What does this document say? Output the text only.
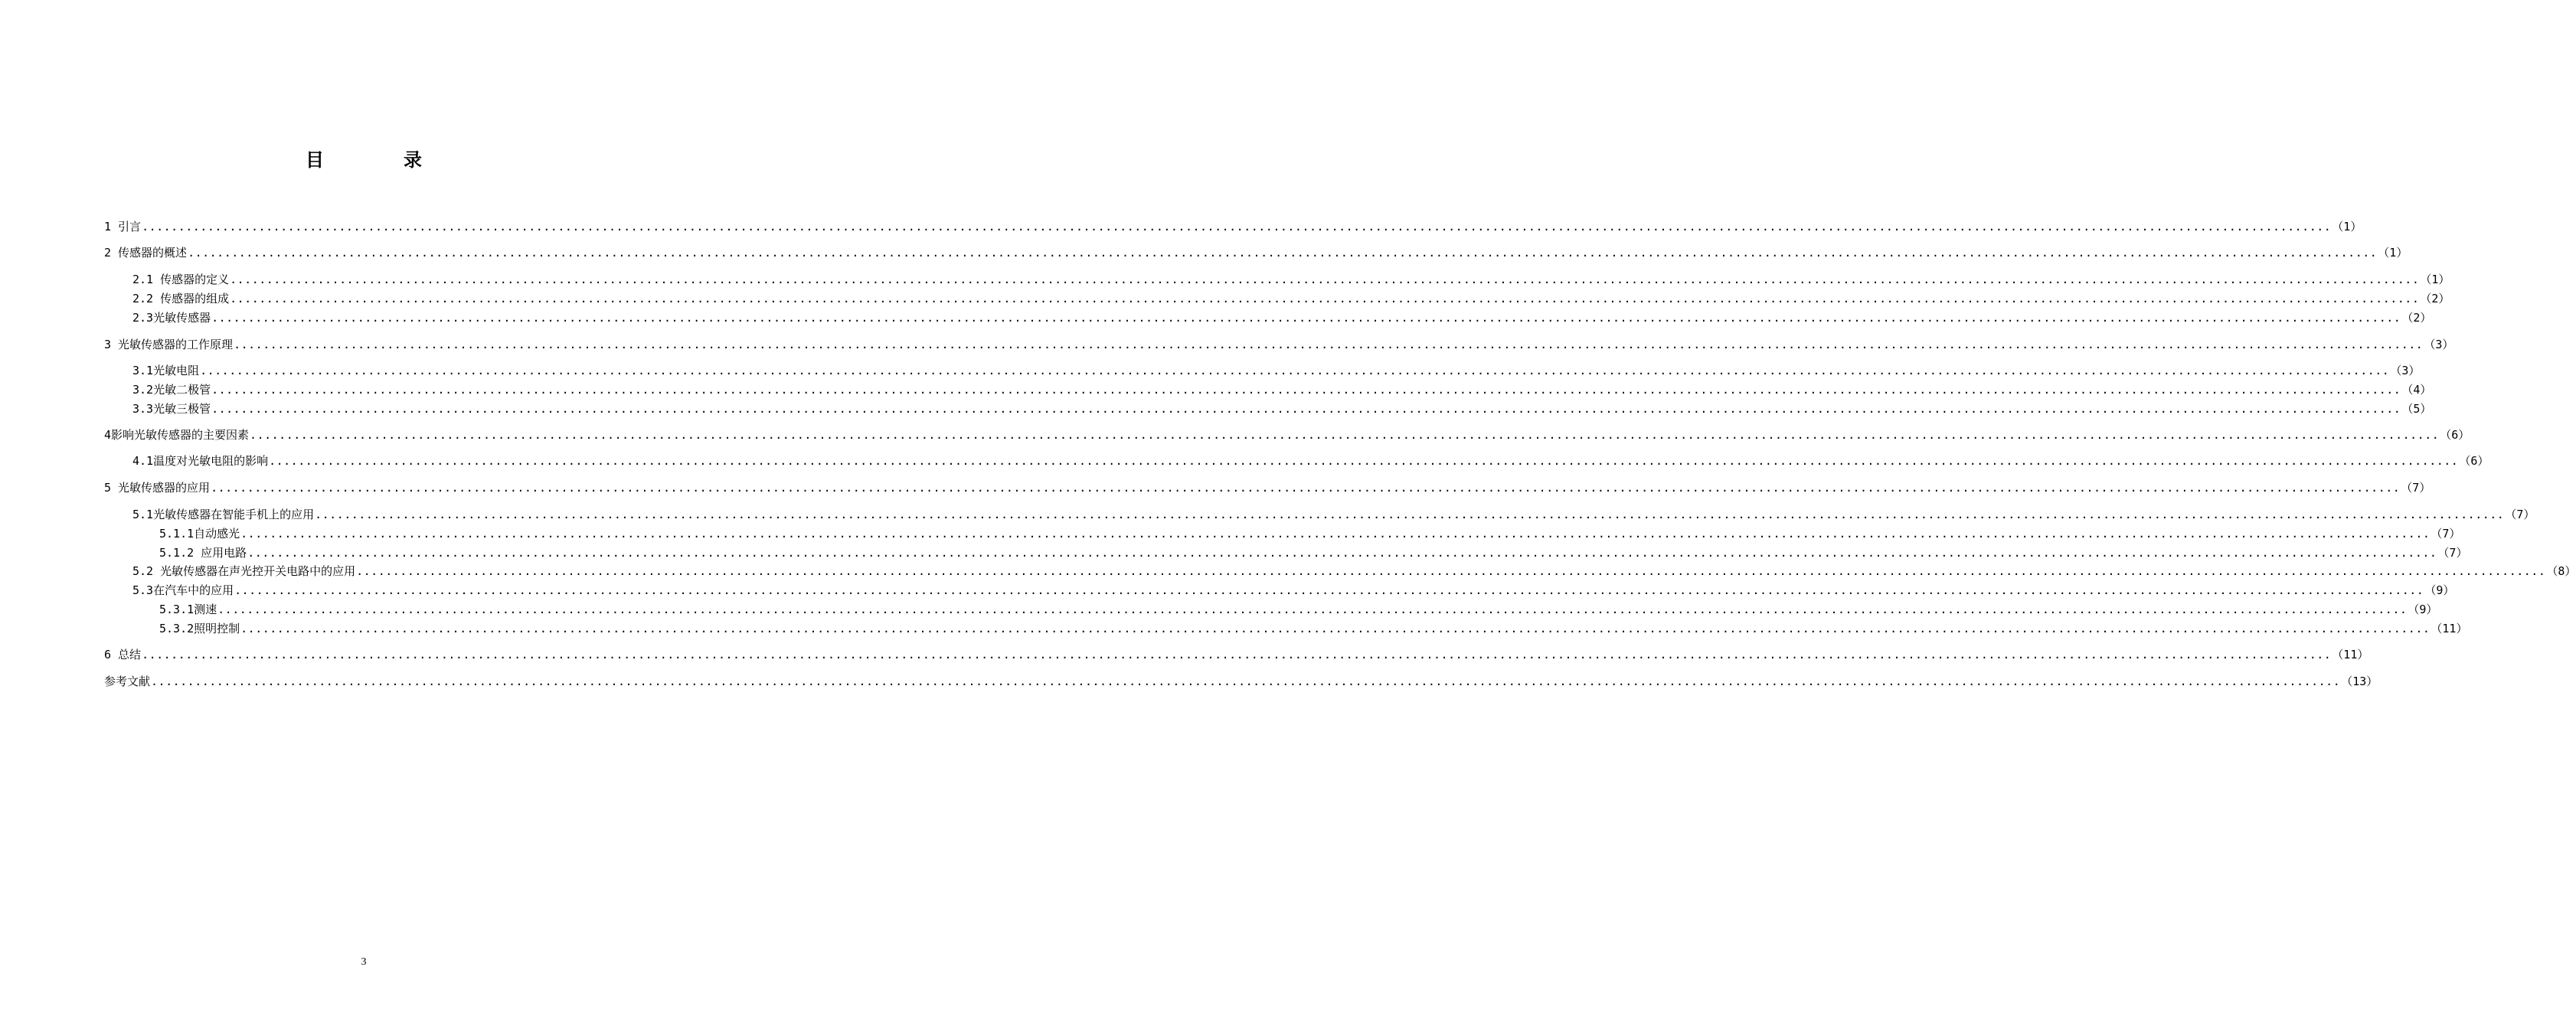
目　录
1 引言 ............................................................................................................................................................................................................................................................................................................ （1）
2 传感器的概述 ............................................................................................................................................................................................................................................................................................................ （1）
2.1 传感器的定义 ............................................................................................................................................................................................................................................................................................................ （1）
2.2 传感器的组成 ............................................................................................................................................................................................................................................................................................................ （2）
2.3光敏传感器 ............................................................................................................................................................................................................................................................................................................ （2）
3 光敏传感器的工作原理 ............................................................................................................................................................................................................................................................................................................ （3）
3.1光敏电阻 ............................................................................................................................................................................................................................................................................................................ （3）
3.2光敏二极管 ............................................................................................................................................................................................................................................................................................................ （4）
3.3光敏三极管 ............................................................................................................................................................................................................................................................................................................ （5）
4影响光敏传感器的主要因素 ............................................................................................................................................................................................................................................................................................................ （6）
4.1温度对光敏电阻的影响 ............................................................................................................................................................................................................................................................................................................ （6）
5 光敏传感器的应用 ............................................................................................................................................................................................................................................................................................................ （7）
5.1光敏传感器在智能手机上的应用 ............................................................................................................................................................................................................................................................................................................ （7）
5.1.1自动感光 ............................................................................................................................................................................................................................................................................................................ （7）
5.1.2 应用电路 ............................................................................................................................................................................................................................................................................................................ （7）
5.2 光敏传感器在声光控开关电路中的应用 ............................................................................................................................................................................................................................................................................................................ （8）
5.3在汽车中的应用 ............................................................................................................................................................................................................................................................................................................ （9）
5.3.1测速 ............................................................................................................................................................................................................................................................................................................ （9）
5.3.2照明控制 ............................................................................................................................................................................................................................................................................................................ （11）
6 总结 ............................................................................................................................................................................................................................................................................................................ （11）
参考文献 ............................................................................................................................................................................................................................................................................................................ （13）
3
